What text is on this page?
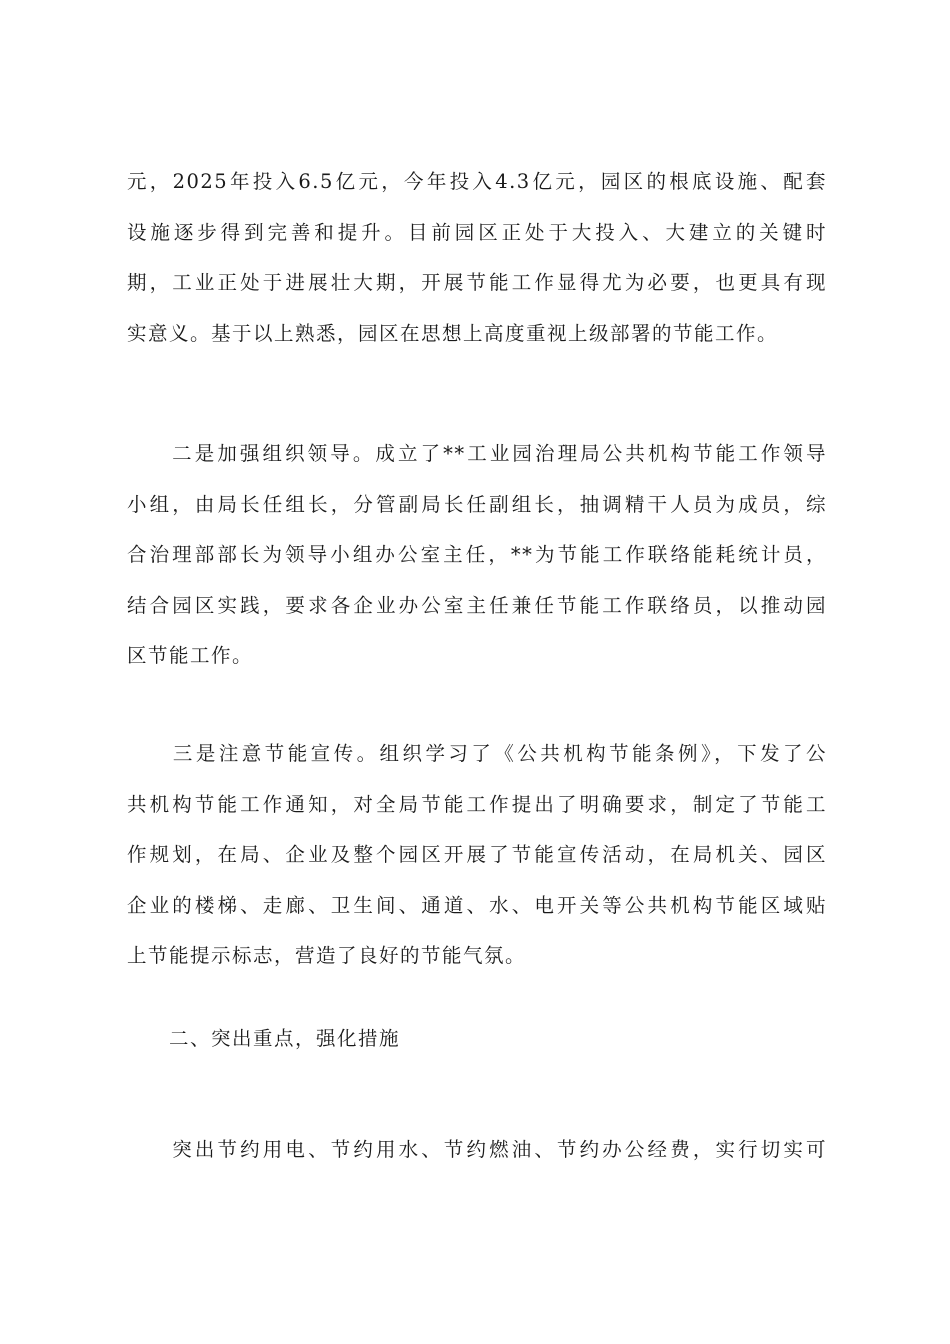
元，2025年投入6.5亿元，今年投入4.3亿元，园区的根底设施、配套
设施逐步得到完善和提升。目前园区正处于大投入、大建立的关键时
期，工业正处于进展壮大期，开展节能工作显得尤为必要，也更具有现
实意义。基于以上熟悉，园区在思想上高度重视上级部署的节能工作。

　　二是加强组织领导。成立了**工业园治理局公共机构节能工作领导
小组，由局长任组长，分管副局长任副组长，抽调精干人员为成员，综
合治理部部长为领导小组办公室主任，**为节能工作联络能耗统计员，
结合园区实践，要求各企业办公室主任兼任节能工作联络员，以推动园
区节能工作。

　　三是注意节能宣传。组织学习了《公共机构节能条例》，下发了公
共机构节能工作通知，对全局节能工作提出了明确要求，制定了节能工
作规划，在局、企业及整个园区开展了节能宣传活动，在局机关、园区
企业的楼梯、走廊、卫生间、通道、水、电开关等公共机构节能区域贴
上节能提示标志，营造了良好的节能气氛。

　　二、突出重点，强化措施

　　突出节约用电、节约用水、节约燃油、节约办公经费，实行切实可
